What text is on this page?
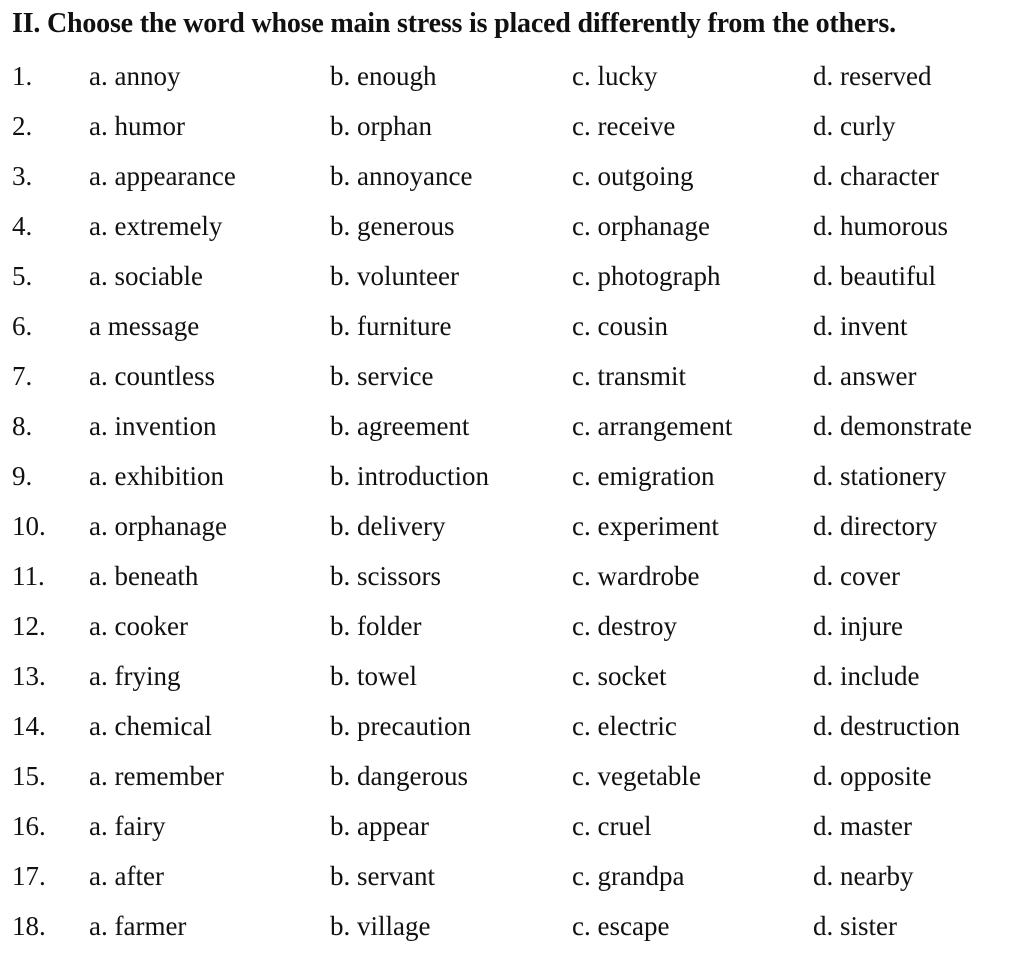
II. Choose the word whose main stress is placed differently from the others.
1. a. annoy	b. enough	c. lucky	d. reserved
2. a. humor	b. orphan	c. receive	d. curly
3. a. appearance	b. annoyance	c. outgoing	d. character
4. a. extremely	b. generous	c. orphanage	d. humorous
5. a. sociable	b. volunteer	c. photograph	d. beautiful
6. a message	b. furniture	c. cousin	d. invent
7. a. countless	b. service	c. transmit	d. answer
8. a. invention	b. agreement	c. arrangement	d. demonstrate
9. a. exhibition	b. introduction	c. emigration	d. stationery
10. a. orphanage	b. delivery	c. experiment	d. directory
11. a. beneath	b. scissors	c. wardrobe	d. cover
12. a. cooker	b. folder	c. destroy	d. injure
13. a. frying	b. towel	c. socket	d. include
14. a. chemical	b. precaution	c. electric	d. destruction
15. a. remember	b. dangerous	c. vegetable	d. opposite
16. a. fairy	b. appear	c. cruel	d. master
17. a. after	b. servant	c. grandpa	d. nearby
18. a. farmer	b. village	c. escape	d. sister
